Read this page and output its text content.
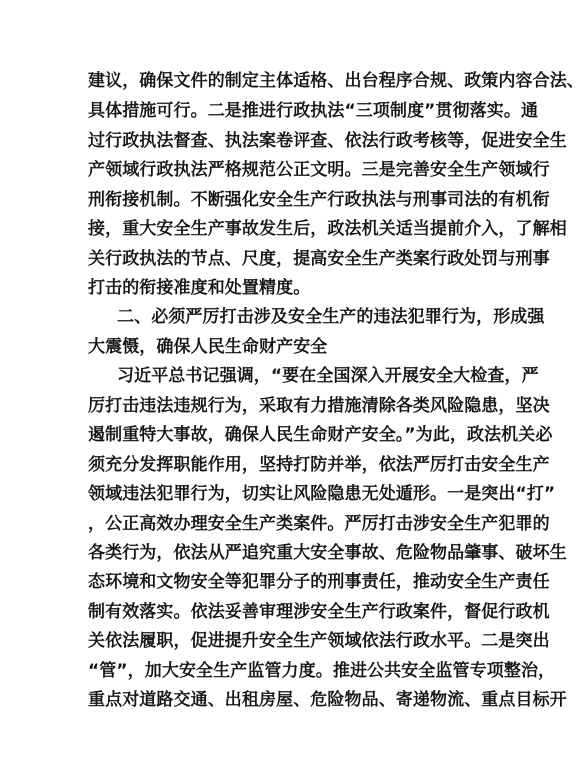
建议，确保文件的制定主体适格、出台程序合规、政策内容合法、
具体措施可行。二是推进行政执法“三项制度”贯彻落实。通
过行政执法督查、执法案卷评查、依法行政考核等，促进安全生
产领域行政执法严格规范公正文明。三是完善安全生产领域行
刑衔接机制。不断强化安全生产行政执法与刑事司法的有机衔
接，重大安全生产事故发生后，政法机关适当提前介入，了解相
关行政执法的节点、尺度，提高安全生产类案行政处罚与刑事
打击的衔接准度和处置精度。
二、必须严厉打击涉及安全生产的违法犯罪行为，形成强
大震慑，确保人民生命财产安全
习近平总书记强调，“要在全国深入开展安全大检查，严
厉打击违法违规行为，采取有力措施清除各类风险隐患，坚决
遏制重特大事故，确保人民生命财产安全。”为此，政法机关必
须充分发挥职能作用，坚持打防并举，依法严厉打击安全生产
领域违法犯罪行为，切实让风险隐患无处遁形。一是突出“打”
，公正高效办理安全生产类案件。严厉打击涉安全生产犯罪的
各类行为，依法从严追究重大安全事故、危险物品肇事、破坏生
态环境和文物安全等犯罪分子的刑事责任，推动安全生产责任
制有效落实。依法妥善审理涉安全生产行政案件，督促行政机
关依法履职，促进提升安全生产领域依法行政水平。二是突出
“管”，加大安全生产监管力度。推进公共安全监管专项整治，
重点对道路交通、出租房屋、危险物品、寄递物流、重点目标开
